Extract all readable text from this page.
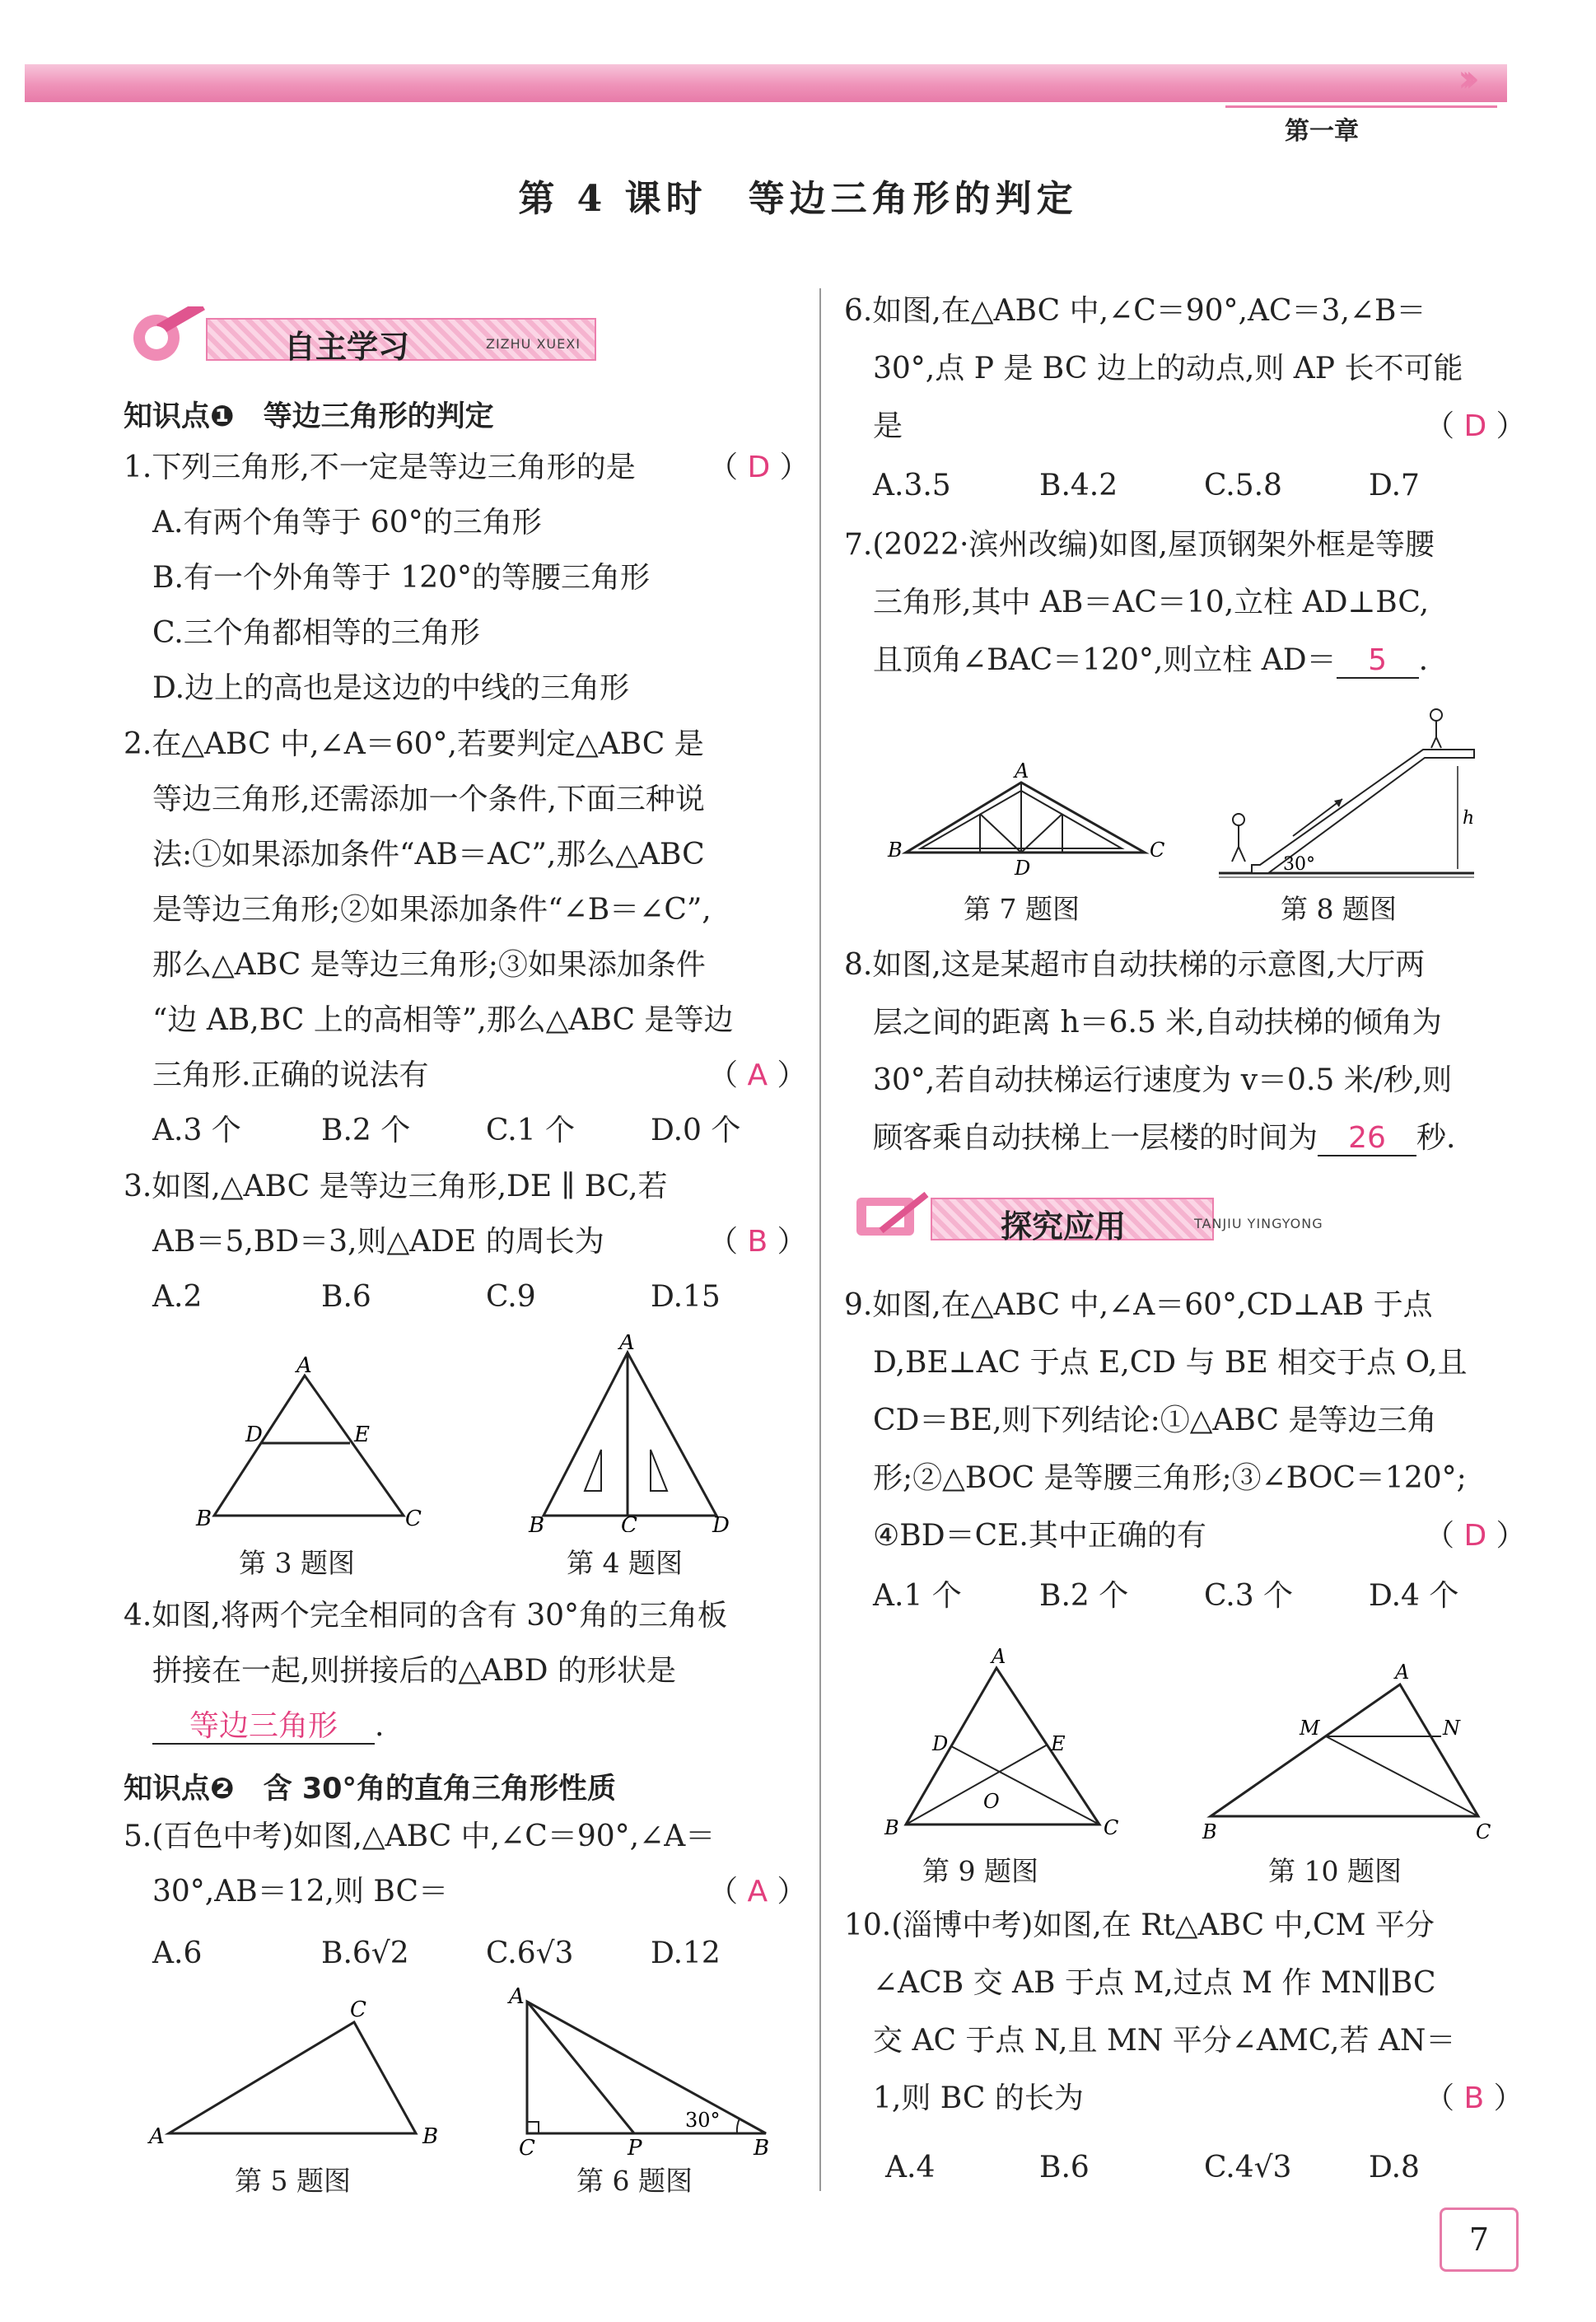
›››
第一章
第 4 课时　等边三角形的判定
自主学习	ZIZHU XUEXI
知识点❶　等边三角形的判定
1.下列三角形,不一定是等边三角形的是 （ D ）
A.有两个角等于 60°的三角形
B.有一个外角等于 120°的等腰三角形
C.三个角都相等的三角形
D.边上的高也是这边的中线的三角形
2.在△ABC 中,∠A＝60°,若要判定△ABC 是
等边三角形,还需添加一个条件,下面三种说
法:①如果添加条件“AB＝AC”,那么△ABC
是等边三角形;②如果添加条件“∠B＝∠C”,
那么△ABC 是等边三角形;③如果添加条件
“边 AB,BC 上的高相等”,那么△ABC 是等边
三角形.正确的说法有	（ A ）
A.3 个	B.2 个	C.1 个	D.0 个
3.如图,△ABC 是等边三角形,DE ∥ BC,若
AB＝5,BD＝3,则△ADE 的周长为	（ B ）
A.2	B.6	C.9	D.15
A
D	E
B	C
第 3 题图
A
B	C	D
第 4 题图
4.如图,将两个完全相同的含有 30°角的三角板
拼接在一起,则拼接后的△ABD 的形状是
等边三角形 .
知识点❷　含 30°角的直角三角形性质
5.(百色中考)如图,△ABC 中,∠C＝90°,∠A＝
30°,AB＝12,则 BC＝	（ A ）
A.6	B.6√2	C.6√3	D.12
C
A	B
第 5 题图
30°
A
C	P	B
第 6 题图
6.如图,在△ABC 中,∠C＝90°,AC＝3,∠B＝
30°,点 P 是 BC 边上的动点,则 AP 长不可能
是	（ D ）
A.3.5	B.4.2	C.5.8	D.7
7.(2022·滨州改编)如图,屋顶钢架外框是等腰
三角形,其中 AB＝AC＝10,立柱 AD⊥BC,
且顶角∠BAC＝120°,则立柱 AD＝ 5 .
A
B
D
C
第 7 题图
h
30°
第 8 题图
8.如图,这是某超市自动扶梯的示意图,大厅两
层之间的距离 h＝6.5 米,自动扶梯的倾角为
30°,若自动扶梯运行速度为 v＝0.5 米/秒,则
顾客乘自动扶梯上一层楼的时间为 26 秒.
探究应用	TANJIU YINGYONG
9.如图,在△ABC 中,∠A＝60°,CD⊥AB 于点
D,BE⊥AC 于点 E,CD 与 BE 相交于点 O,且
CD＝BE,则下列结论:①△ABC 是等边三角
形;②△BOC 是等腰三角形;③∠BOC＝120°;
④BD＝CE.其中正确的有	（ D ）
A.1 个	B.2 个	C.3 个	D.4 个
A
D	E
O
B	C
第 9 题图
A
M	N
B	C
第 10 题图
10.(淄博中考)如图,在 Rt△ABC 中,CM 平分
∠ACB 交 AB 于点 M,过点 M 作 MN∥BC
交 AC 于点 N,且 MN 平分∠AMC,若 AN＝
1,则 BC 的长为	（ B ）
A.4	B.6	C.4√3	D.8
7
